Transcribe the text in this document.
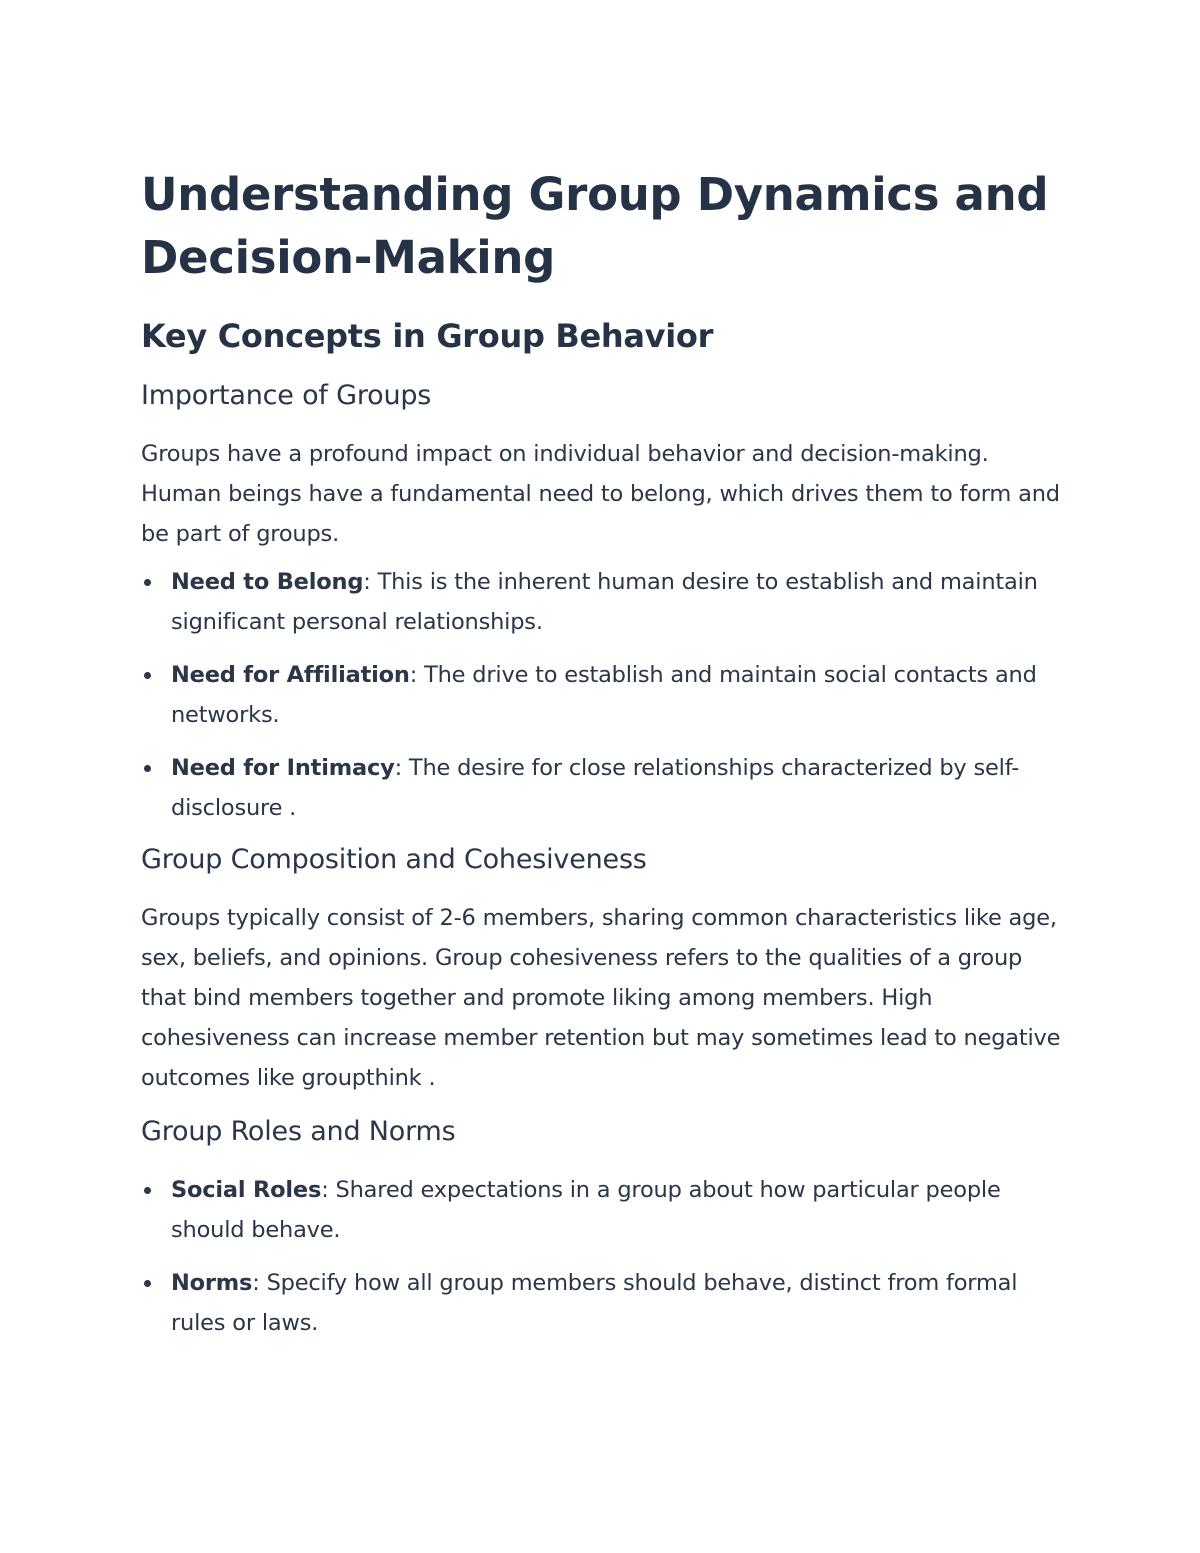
Understanding Group Dynamics and Decision-Making
Key Concepts in Group Behavior
Importance of Groups

Groups have a profound impact on individual behavior and decision-making. Human beings have a fundamental need to belong, which drives them to form and be part of groups.

Need to Belong: This is the inherent human desire to establish and maintain significant personal relationships.
Need for Affiliation: The drive to establish and maintain social contacts and networks.
Need for Intimacy: The desire for close relationships characterized by self-disclosure .
Group Composition and Cohesiveness

Groups typically consist of 2-6 members, sharing common characteristics like age, sex, beliefs, and opinions. Group cohesiveness refers to the qualities of a group that bind members together and promote liking among members. High cohesiveness can increase member retention but may sometimes lead to negative outcomes like groupthink .

Group Roles and Norms
Social Roles: Shared expectations in a group about how particular people should behave.
Norms: Specify how all group members should behave, distinct from formal rules or laws.
